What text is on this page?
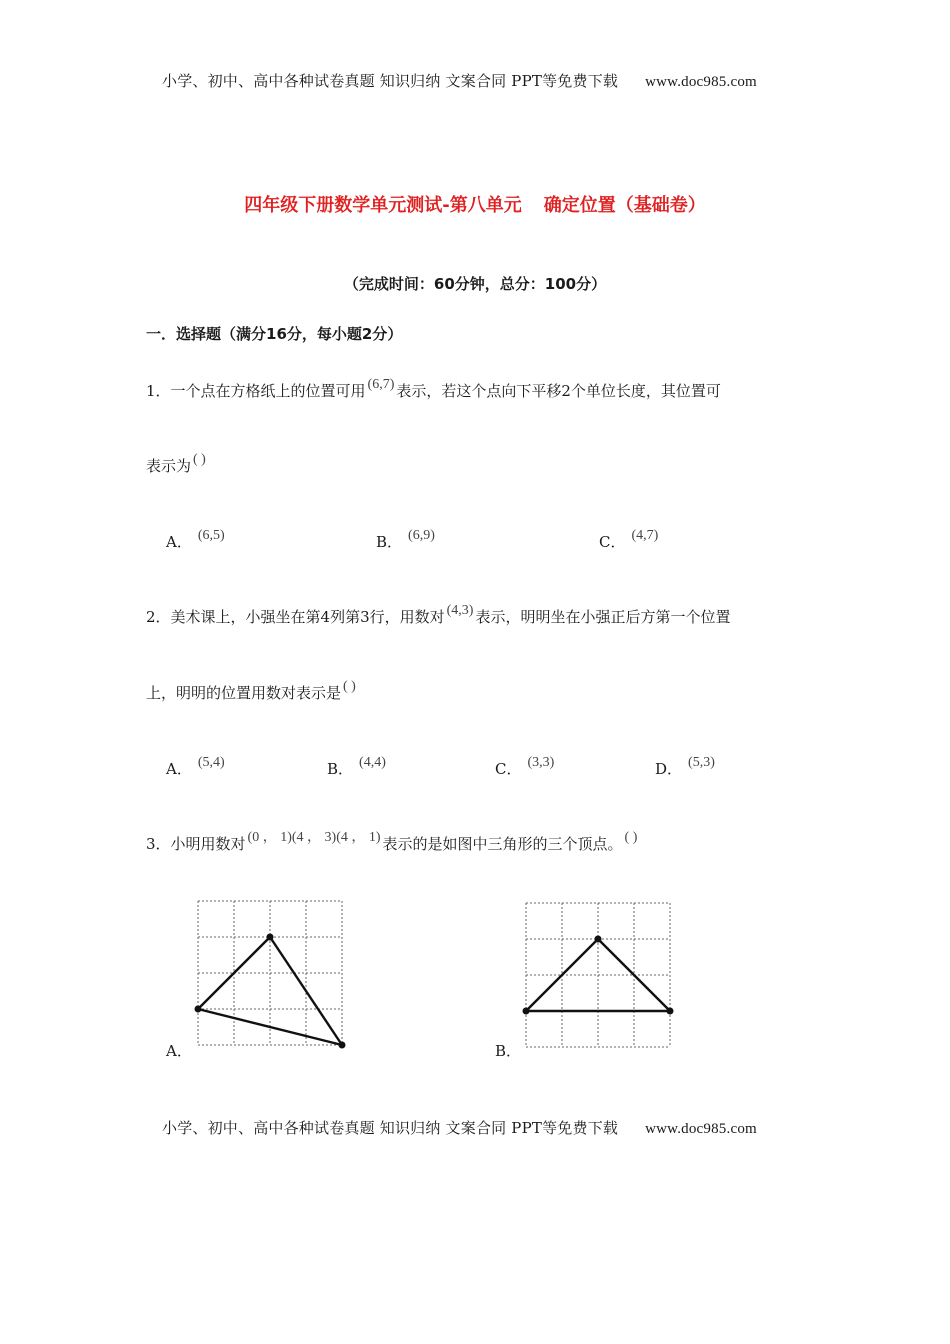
小学、初中、高中各种试卷真题 知识归纳 文案合同 PPT等免费下载 www.doc985.com
四年级下册数学单元测试-第八单元 确定位置（基础卷）
（完成时间：60分钟，总分：100分）
一．选择题（满分16分，每小题2分）
1．一个点在方格纸上的位置可用 (6,7) 表示，若这个点向下平移2个单位长度，其位置可
表示为 ( )
A． (6,5)	B． (6,9)	C． (4,7)
2．美术课上，小强坐在第4列第3行，用数对 (4,3) 表示，明明坐在小强正后方第一个位置
上，明明的位置用数对表示是 ( )
A． (5,4)	B． (4,4)	C． (3,3)	D． (5,3)
3．小明用数对 (0 ， 1)(4 ， 3)(4 ， 1) 表示的是如图中三角形的三个顶点。 ( )
A．	B．
小学、初中、高中各种试卷真题 知识归纳 文案合同 PPT等免费下载 www.doc985.com
